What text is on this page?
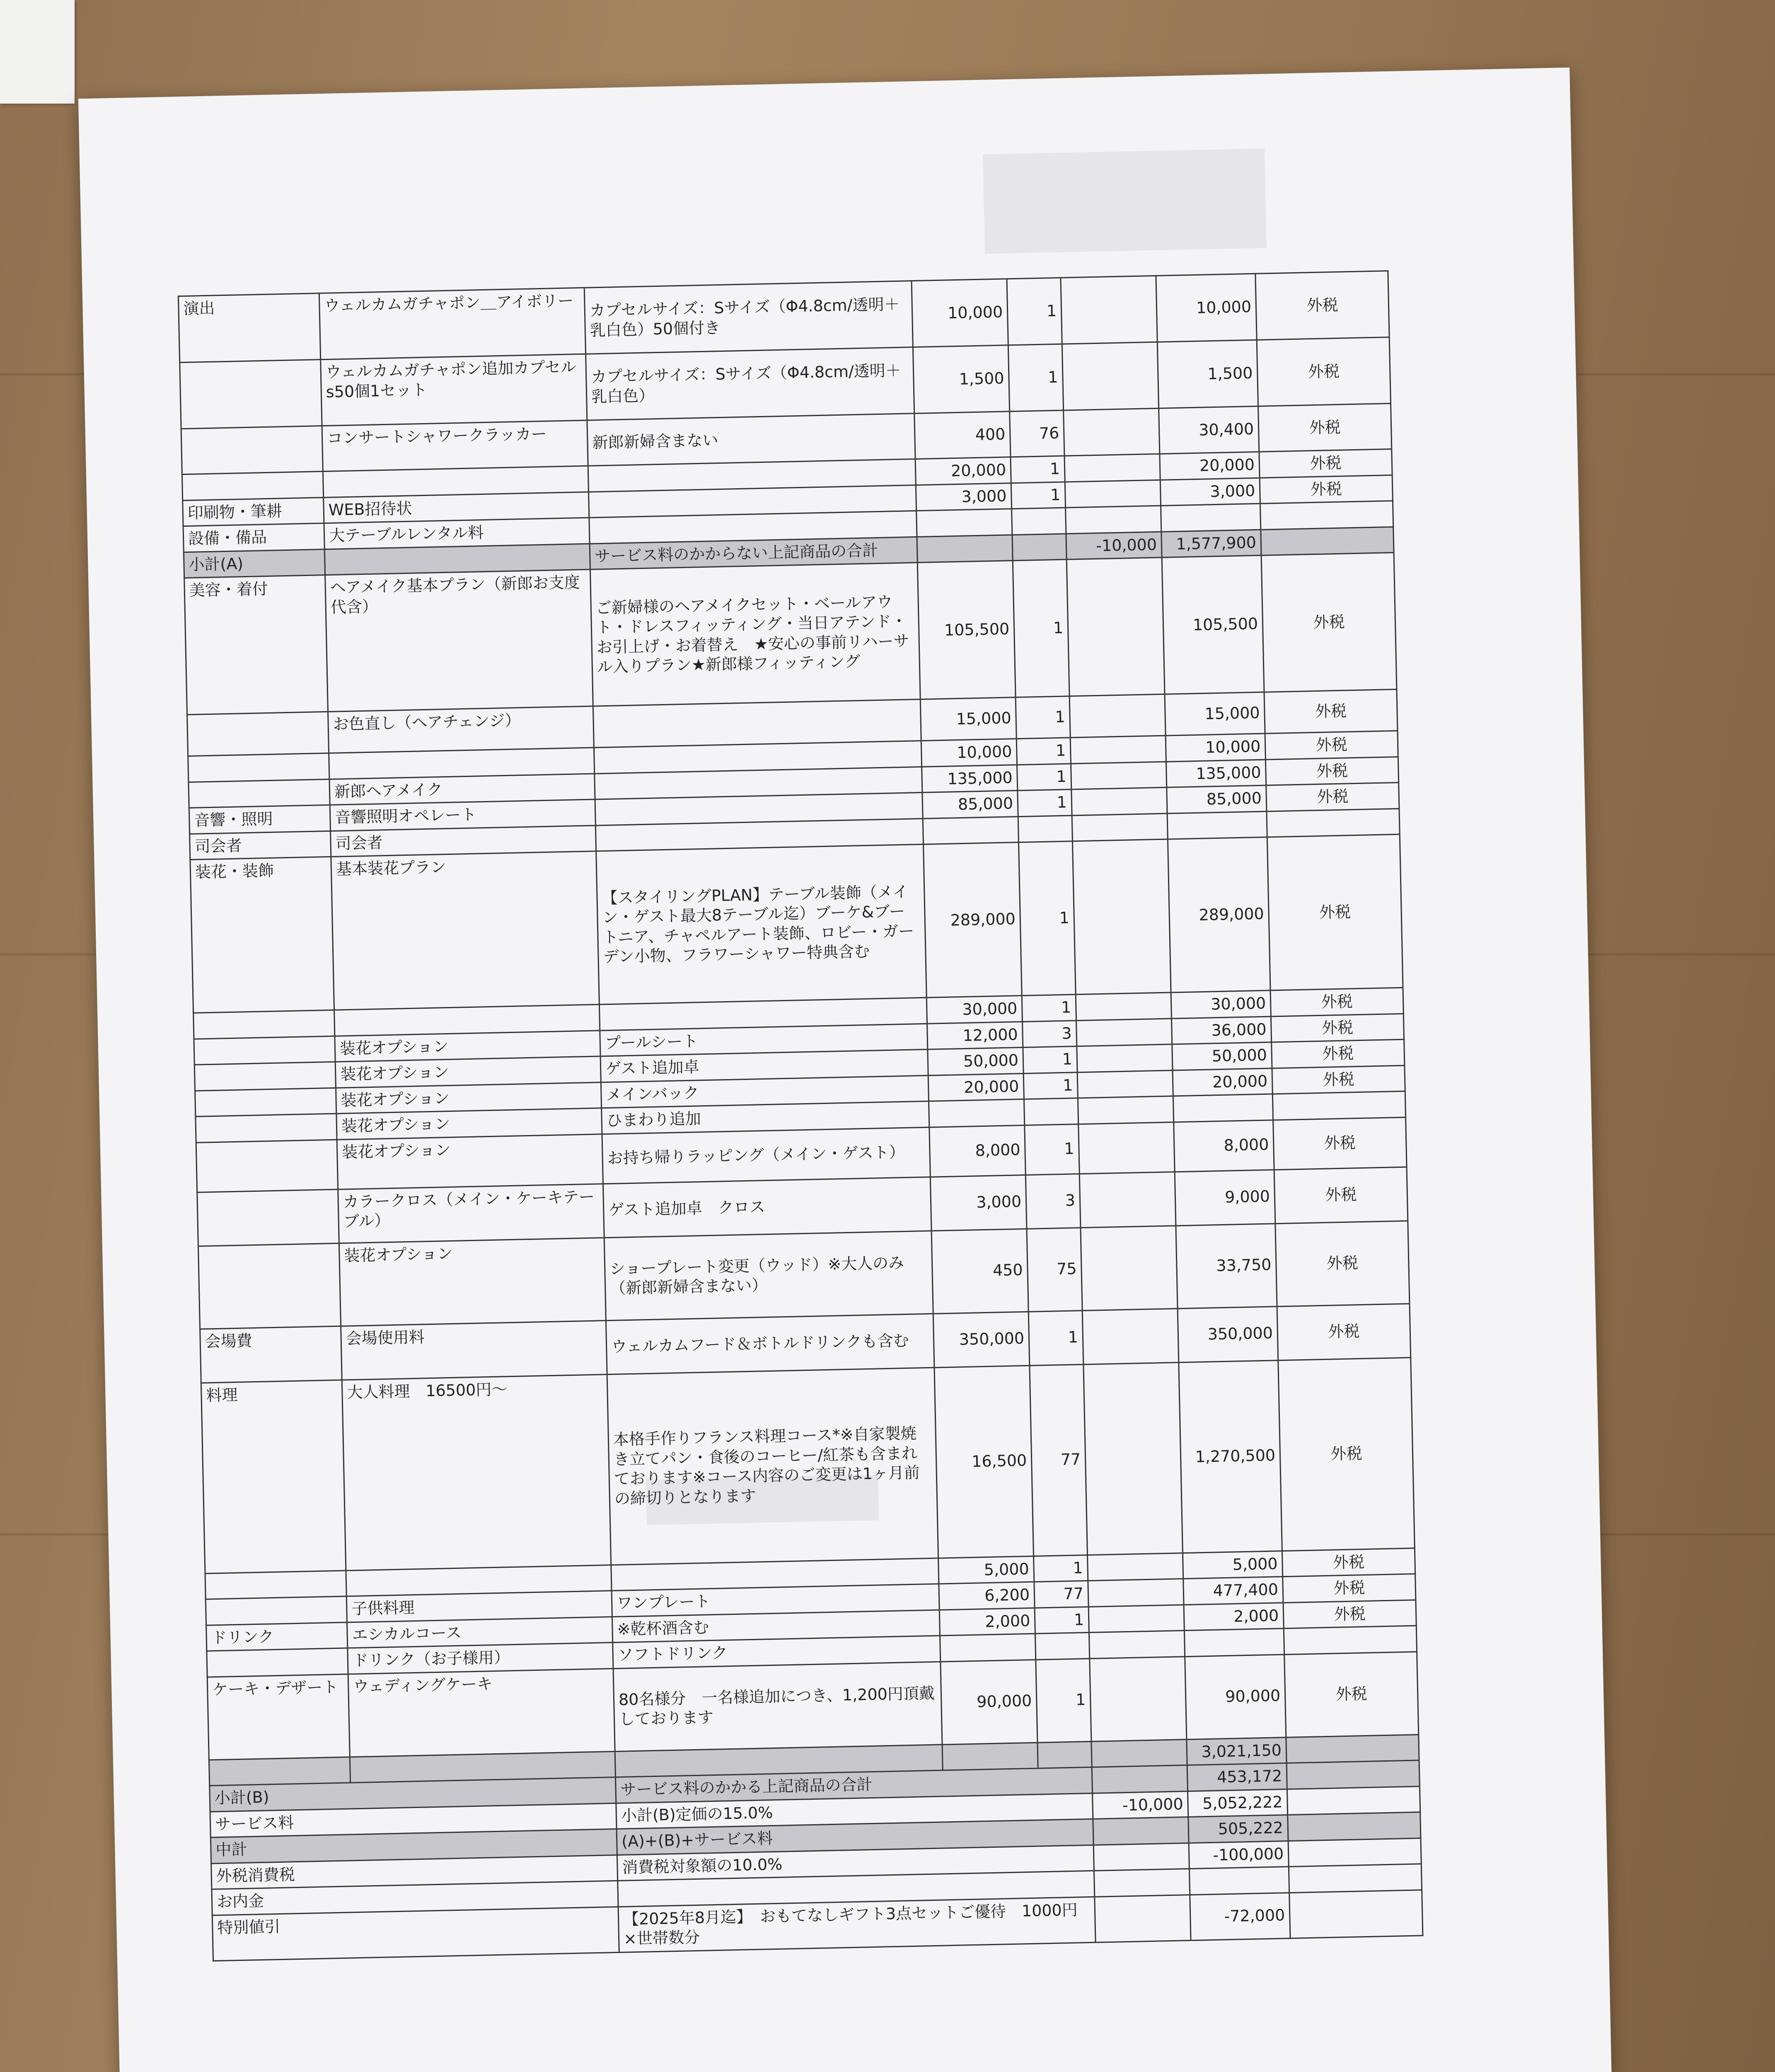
演出	ウェルカムガチャポン＿アイボリー	カプセルサイズ：Sサイズ（Φ4.8cm/透明＋乳白色）50個付き	10,000	1		10,000	外税
	ウェルカムガチャポン追加カプセルs50個1セット	カプセルサイズ：Sサイズ（Φ4.8cm/透明＋乳白色）	1,500	1		1,500	外税
	コンサートシャワークラッカー	新郎新婦含まない	400	76		30,400	外税
			20,000	1		20,000	外税
印刷物・筆耕	WEB招待状		3,000	1		3,000	外税
設備・備品	大テーブルレンタル料						
小計(A)		サービス料のかからない上記商品の合計			-10,000	1,577,900	
美容・着付	ヘアメイク基本プラン（新郎お支度代含）	ご新婦様のヘアメイクセット・ベールアウト・ドレスフィッティング・当日アテンド・お引上げ・お着替え　★安心の事前リハーサル入りプラン★新郎様フィッティング	105,500	1		105,500	外税
	お色直し（ヘアチェンジ）		15,000	1		15,000	外税
			10,000	1		10,000	外税
	新郎ヘアメイク		135,000	1		135,000	外税
音響・照明	音響照明オペレート		85,000	1		85,000	外税
司会者	司会者						
装花・装飾	基本装花プラン	【スタイリングPLAN】テーブル装飾（メイン・ゲスト最大8テーブル迄）ブーケ&ブートニア、チャペルアート装飾、ロビー・ガーデン小物、フラワーシャワー特典含む	289,000	1		289,000	外税
			30,000	1		30,000	外税
	装花オプション	プールシート	12,000	3		36,000	外税
	装花オプション	ゲスト追加卓	50,000	1		50,000	外税
	装花オプション	メインバック	20,000	1		20,000	外税
	装花オプション	ひまわり追加					
	装花オプション	お持ち帰りラッピング（メイン・ゲスト）	8,000	1		8,000	外税
	カラークロス（メイン・ケーキテーブル）	ゲスト追加卓　クロス	3,000	3		9,000	外税
	装花オプション	ショープレート変更（ウッド）※大人のみ（新郎新婦含まない）	450	75		33,750	外税
会場費	会場使用料	ウェルカムフード＆ボトルドリンクも含む	350,000	1		350,000	外税
料理	大人料理　16500円〜	本格手作りフランス料理コース*※自家製焼き立てパン・食後のコーヒー/紅茶も含まれております※コース内容のご変更は1ヶ月前の締切りとなります	16,500	77		1,270,500	外税
			5,000	1		5,000	外税
	子供料理	ワンプレート	6,200	77		477,400	外税
ドリンク	エシカルコース	※乾杯酒含む	2,000	1		2,000	外税
	ドリンク（お子様用）	ソフトドリンク					
ケーキ・デザート	ウェディングケーキ	80名様分　一名様追加につき、1,200円頂戴しております	90,000	1		90,000	外税
						3,021,150	
小計(B)		サービス料のかかる上記商品の合計				453,172	
サービス料		小計(B)定価の15.0%			-10,000	5,052,222	
中計		(A)+(B)+サービス料				505,222	
外税消費税		消費税対象額の10.0%				-100,000	
お内金							
特別値引		【2025年8月迄】　おもてなしギフト3点セットご優待　1000円×世帯数分				-72,000	
